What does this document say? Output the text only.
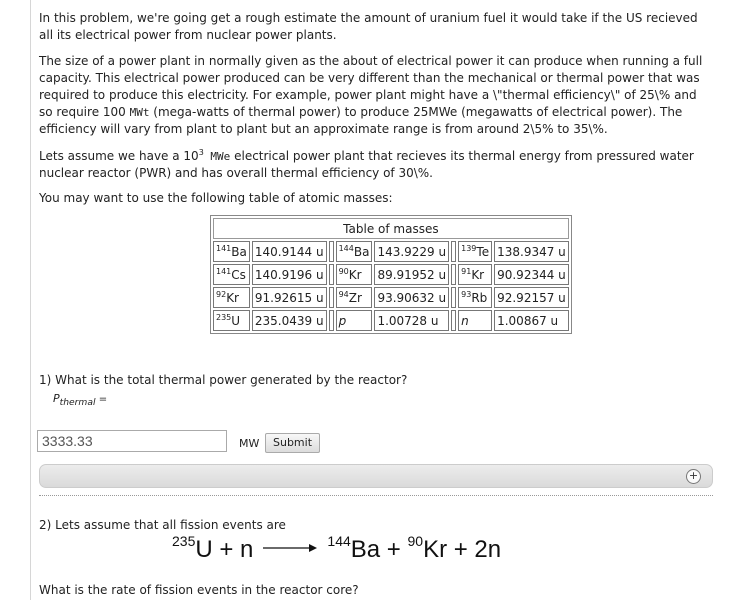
In this problem, we're going get a rough estimate the amount of uranium fuel it would take if the US recieved all its electrical power from nuclear power plants.
The size of a power plant in normally given as the about of electrical power it can produce when running a full capacity. This electrical power produced can be very different than the mechanical or thermal power that was required to produce this electricity. For example, power plant might have a \"thermal efficiency\" of 25\% and so require 100 MWt (mega-watts of thermal power) to produce 25MWe (megawatts of electrical power). The efficiency will vary from plant to plant but an approximate range is from around 2\5% to 35\%.
Lets assume we have a $10^3$ MWe electrical power plant that recieves its thermal energy from pressured water nuclear reactor (PWR) and has overall thermal efficiency of 30\%.
You may want to use the following table of atomic masses:
Table of masses							
$^{141}$Ba	140.9144 u		$^{144}$Ba	143.9229 u		$^{139}$Te	138.9347 u
$^{141}$Cs	140.9196 u		$^{90}$Kr	89.91952 u		$^{91}$Kr	90.92344 u
$^{92}$Kr	91.92615 u		$^{94}$Zr	93.90632 u		$^{93}$Rb	92.92157 u
$^{235}$U	235.0439 u		p	1.00728 u		n	1.00867 u
1) What is the total thermal power generated by the reactor?
$P_{thermal}$ =
3333.33
MW	Submit
+
2) Lets assume that all fission events are
$^{235}$U + n → $^{144}$Ba + $^{90}$Kr + 2n
What is the rate of fission events in the reactor core?
